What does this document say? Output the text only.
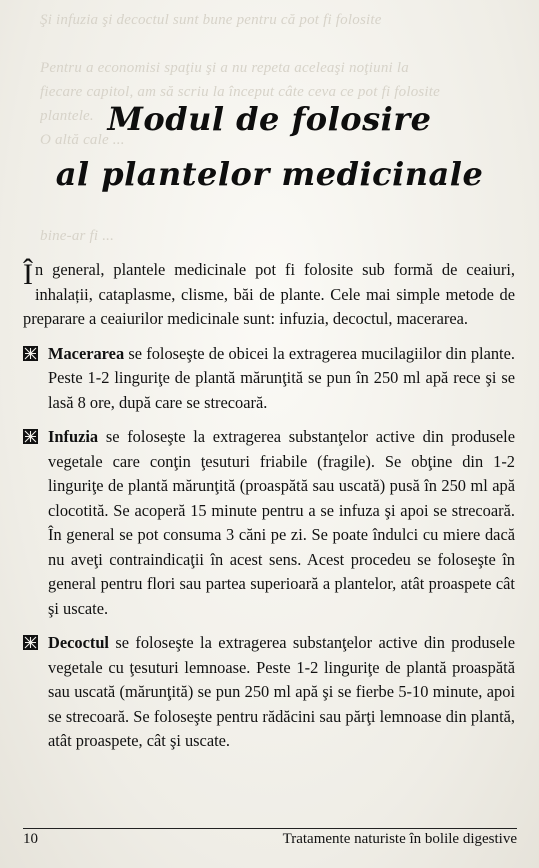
Şi infuzia şi decoctul sunt bune pentru că pot fi folosite

Pentru a economisi spaţiu şi a nu repeta aceleaşi noţiuni la
fiecare capitol, am să scriu la început câte ceva ce pot fi folosite
plantele.
O altă cale ...

bine-ar fi ...
Modul de folosire
al plantelor medicinale

În general, plantele medicinale pot fi folosite sub formă de ceaiuri, inhalații, cataplasme, clisme, băi de plante. Cele mai simple metode de preparare a ceaiurilor medicinale sunt: infuzia, decoctul, macerarea.

Macerarea se foloseşte de obicei la extragerea mucilagiilor din plante. Peste 1-2 linguriţe de plantă mărunţită se pun în 250 ml apă rece şi se lasă 8 ore, după care se strecoară.

Infuzia se foloseşte la extragerea substanţelor active din produsele vegetale care conţin ţesuturi friabile (fragile). Se obţine din 1-2 linguriţe de plantă mărunţită (proaspătă sau uscată) pusă în 250 ml apă clocotită. Se acoperă 15 minute pentru a se infuza şi apoi se strecoară. În general se pot consuma 3 căni pe zi. Se poate îndulci cu miere dacă nu aveţi contraindicaţii în acest sens. Acest procedeu se foloseşte în general pentru flori sau partea superioară a plantelor, atât proaspete cât şi uscate.

Decoctul se foloseşte la extragerea substanţelor active din produsele vegetale cu ţesuturi lemnoase. Peste 1-2 linguriţe de plantă proaspătă sau uscată (mărunţită) se pun 250 ml apă şi se fierbe 5-10 minute, apoi se strecoară. Se foloseşte pentru rădăcini sau părţi lemnoase din plantă, atât proaspete, cât şi uscate.

10	Tratamente naturiste în bolile digestive
